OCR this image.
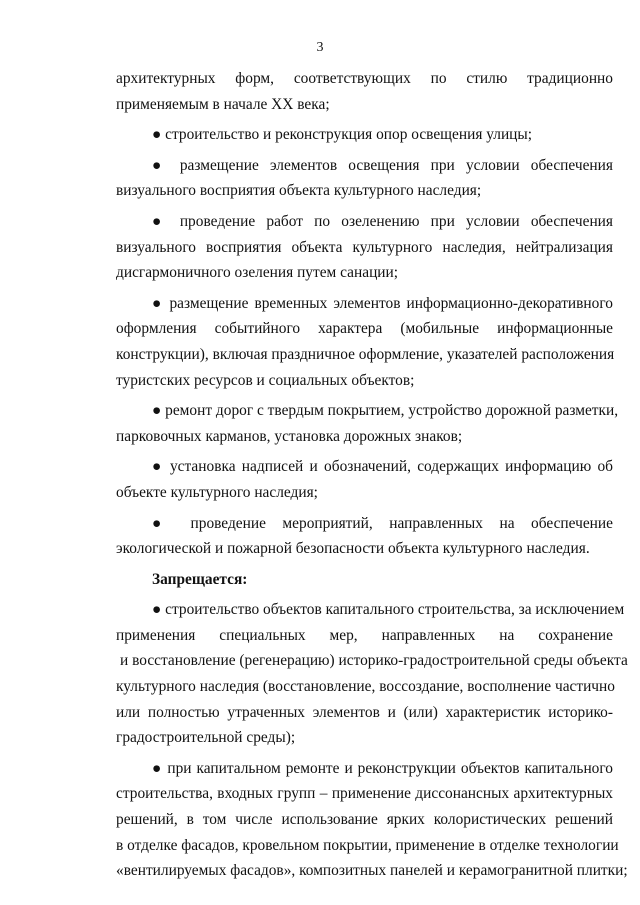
3
архитектурных форм, соответствующих по стилю традиционно
применяемым в начале XX века;
● строительство и реконструкция опор освещения улицы;
● размещение элементов освещения при условии обеспечения
визуального восприятия объекта культурного наследия;
● проведение работ по озеленению при условии обеспечения
визуального восприятия объекта культурного наследия, нейтрализация
дисгармоничного озеления путем санации;
● размещение временных элементов информационно-декоративного
оформления событийного характера (мобильные информационные
конструкции), включая праздничное оформление, указателей расположения
туристских ресурсов и социальных объектов;
● ремонт дорог с твердым покрытием, устройство дорожной разметки,
парковочных карманов, установка дорожных знаков;
● установка надписей и обозначений, содержащих информацию об
объекте культурного наследия;
● проведение мероприятий, направленных на обеспечение
экологической и пожарной безопасности объекта культурного наследия.
Запрещается:
● строительство объектов капитального строительства, за исключением
применения специальных мер, направленных на сохранение
и восстановление (регенерацию) историко-градостроительной среды объекта
культурного наследия (восстановление, воссоздание, восполнение частично
или полностью утраченных элементов и (или) характеристик историко-
градостроительной среды);
● при капитальном ремонте и реконструкции объектов капитального
строительства, входных групп – применение диссонансных архитектурных
решений, в том числе использование ярких колористических решений
в отделке фасадов, кровельном покрытии, применение в отделке технологии
«вентилируемых фасадов», композитных панелей и керамогранитной плитки;
